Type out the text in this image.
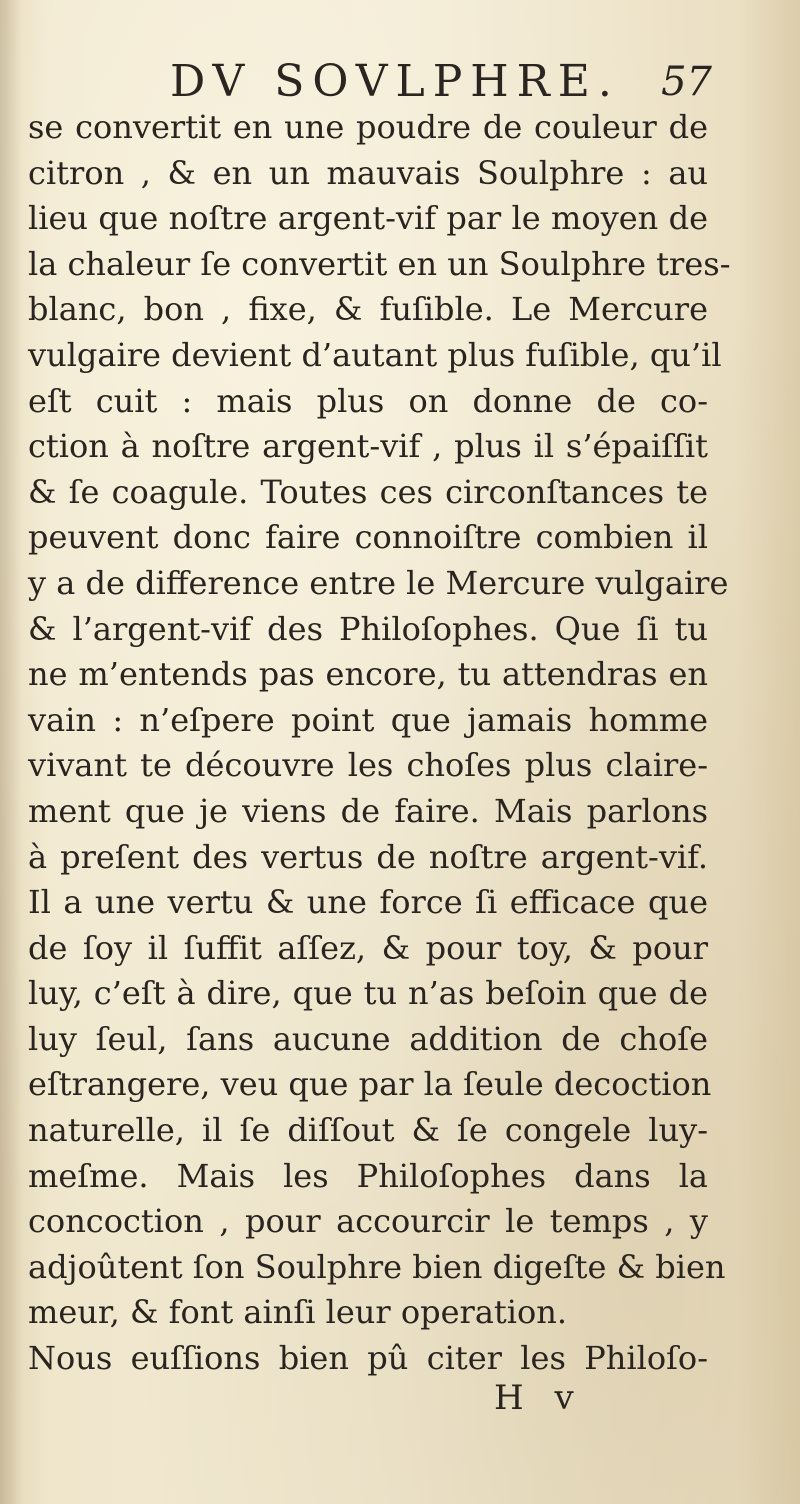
DV SOVLPHRE. 57
se convertit en une poudre de couleur de
citron , & en un mauvais Soulphre : au
lieu que noſtre argent-vif par le moyen de
la chaleur ſe convertit en un Soulphre tres-
blanc, bon , fixe, & fuſible. Le Mercure
vulgaire devient d’autant plus fuſible, qu’il
eſt cuit : mais plus on donne de co-
ction à noſtre argent-vif , plus il s’épaiſſit
& ſe coagule. Toutes ces circonſtances te
peuvent donc faire connoiſtre combien il
y a de difference entre le Mercure vulgaire
& l’argent-vif des Philoſophes. Que ſi tu
ne m’entends pas encore, tu attendras en
vain : n’eſpere point que jamais homme
vivant te découvre les choſes plus claire-
ment que je viens de faire. Mais parlons
à preſent des vertus de noſtre argent-vif.
Il a une vertu & une force ſi efficace que
de ſoy il ſuffit aſſez, & pour toy, & pour
luy, c’eſt à dire, que tu n’as beſoin que de
luy ſeul, ſans aucune addition de choſe
eſtrangere, veu que par la ſeule decoction
naturelle, il ſe diſſout & ſe congele luy-
meſme. Mais les Philoſophes dans la
concoction , pour accourcir le temps , y
adjoûtent ſon Soulphre bien digeſte & bien
meur, & font ainſi leur operation.
Nous euſſions bien pû citer les Philoſo-
H v
